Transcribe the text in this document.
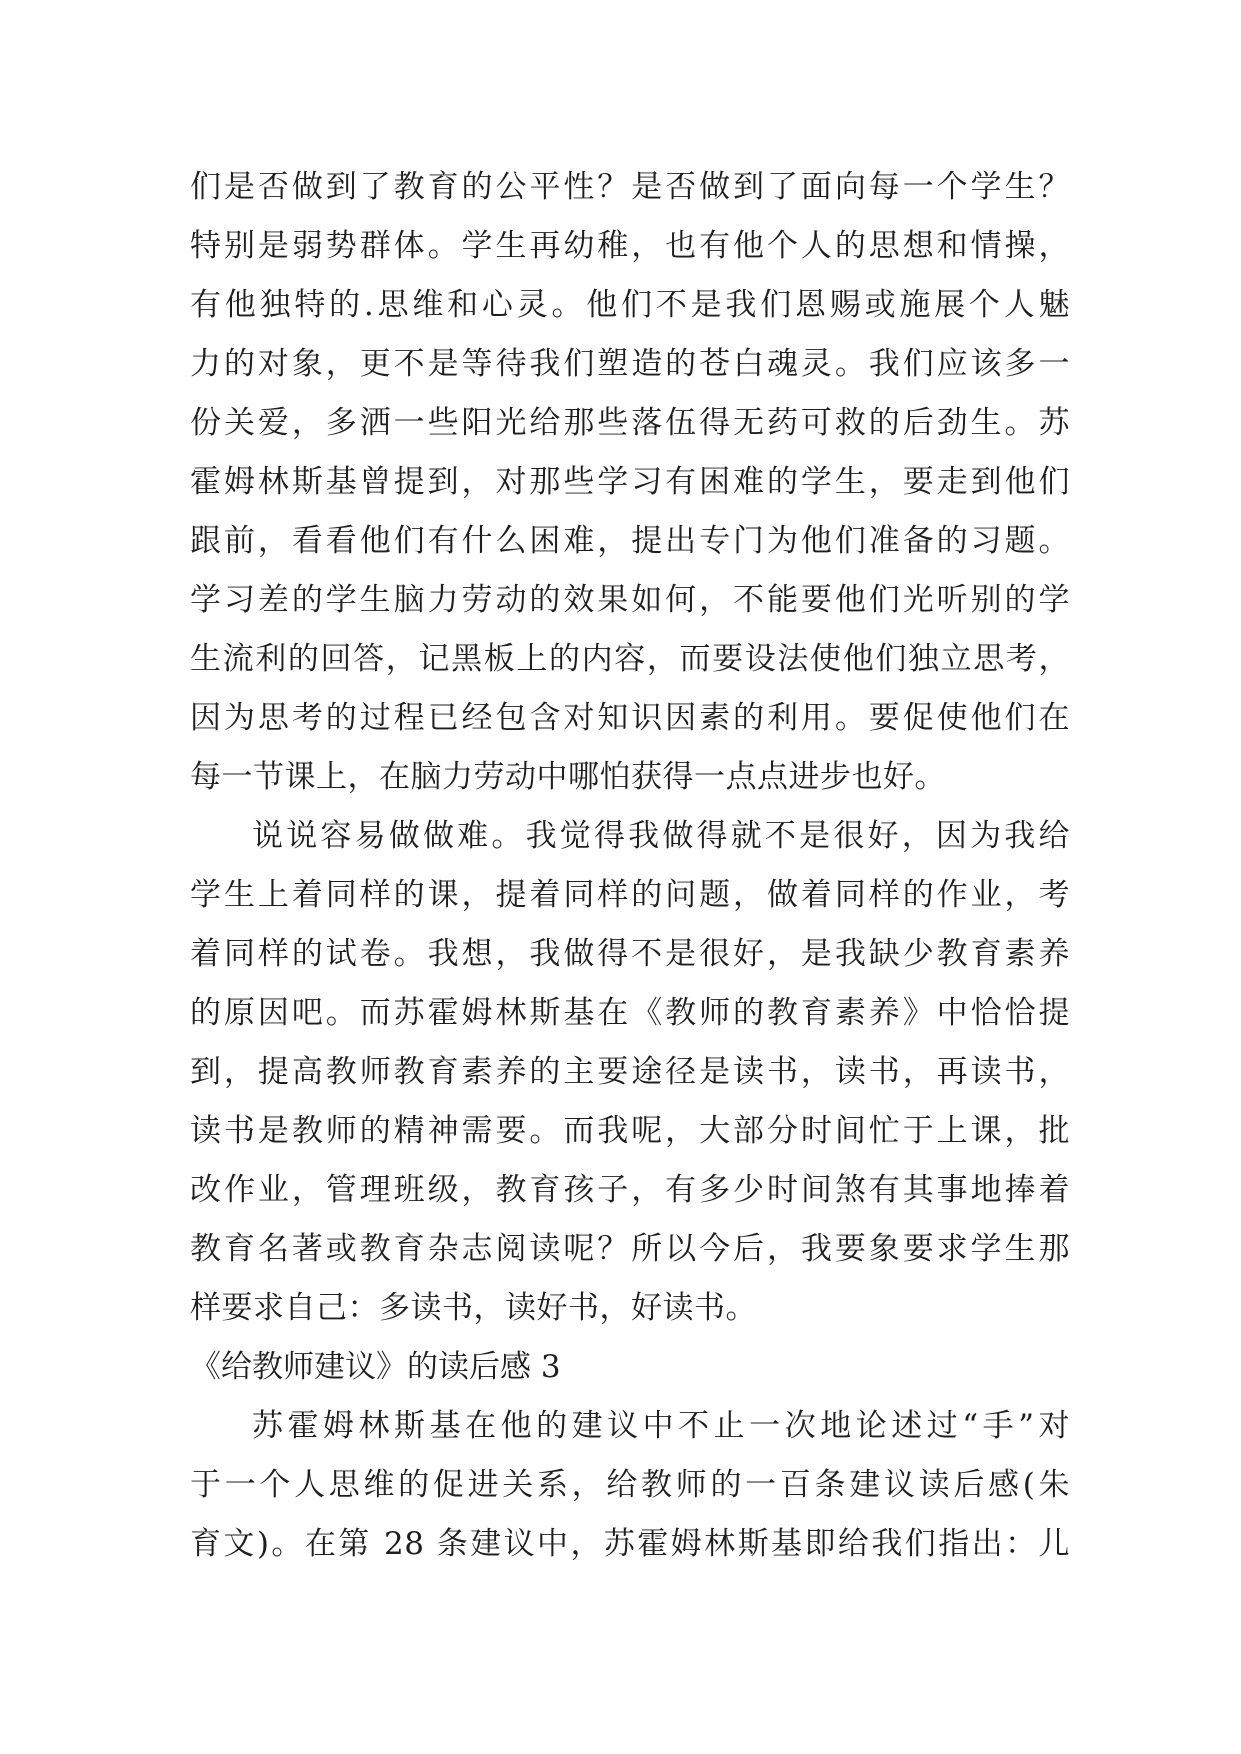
们是否做到了教育的公平性？是否做到了面向每一个学生？
特别是弱势群体。学生再幼稚，也有他个人的思想和情操，
有他独特的.思维和心灵。他们不是我们恩赐或施展个人魅
力的对象，更不是等待我们塑造的苍白魂灵。我们应该多一
份关爱，多洒一些阳光给那些落伍得无药可救的后劲生。苏
霍姆林斯基曾提到，对那些学习有困难的学生，要走到他们
跟前，看看他们有什么困难，提出专门为他们准备的习题。
学习差的学生脑力劳动的效果如何，不能要他们光听别的学
生流利的回答，记黑板上的内容，而要设法使他们独立思考，
因为思考的过程已经包含对知识因素的利用。要促使他们在
每一节课上，在脑力劳动中哪怕获得一点点进步也好。
说说容易做做难。我觉得我做得就不是很好，因为我给
学生上着同样的课，提着同样的问题，做着同样的作业，考
着同样的试卷。我想，我做得不是很好，是我缺少教育素养
的原因吧。而苏霍姆林斯基在《教师的教育素养》中恰恰提
到，提高教师教育素养的主要途径是读书，读书，再读书，
读书是教师的精神需要。而我呢，大部分时间忙于上课，批
改作业，管理班级，教育孩子，有多少时间煞有其事地捧着
教育名著或教育杂志阅读呢？所以今后，我要象要求学生那
样要求自己：多读书，读好书，好读书。
《给教师建议》的读后感 3
苏霍姆林斯基在他的建议中不止一次地论述过“手”对
于一个人思维的促进关系，给教师的一百条建议读后感(朱
育文)。在第 28 条建议中，苏霍姆林斯基即给我们指出：儿
